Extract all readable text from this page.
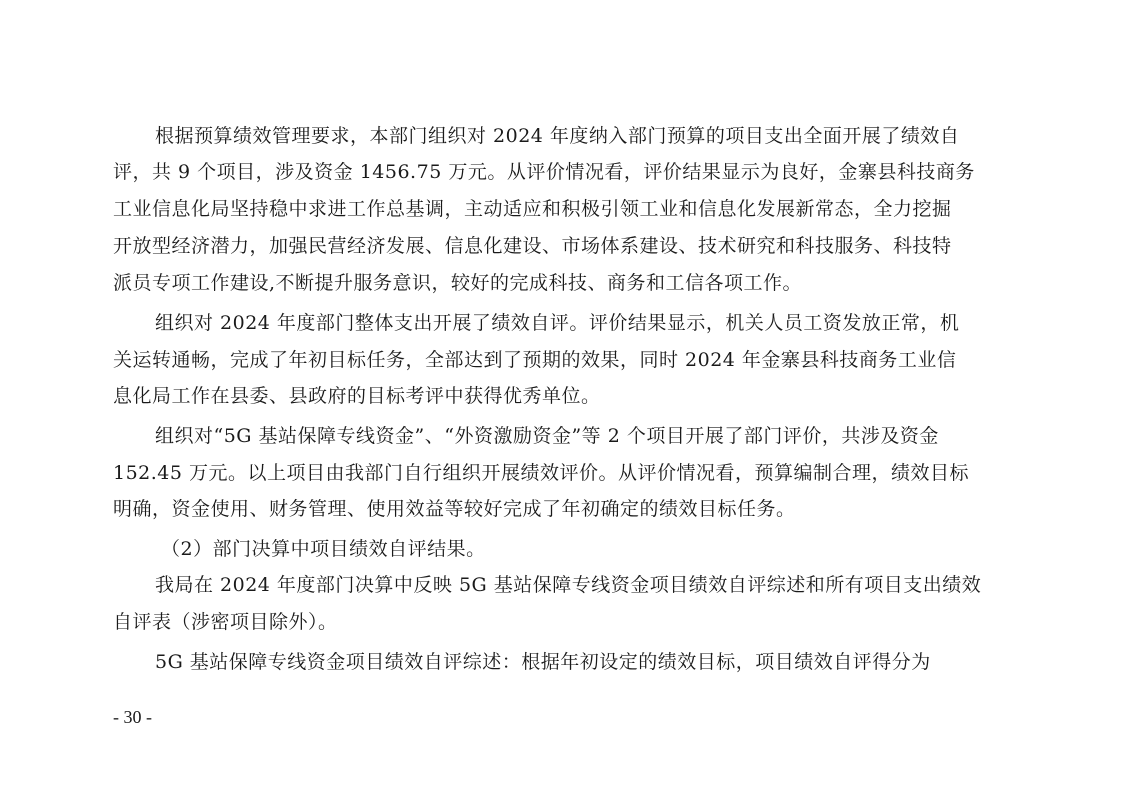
根据预算绩效管理要求，本部门组织对 2024 年度纳入部门预算的项目支出全面开展了绩效自
评，共 9 个项目，涉及资金 1456.75 万元。从评价情况看，评价结果显示为良好，金寨县科技商务
工业信息化局坚持稳中求进工作总基调，主动适应和积极引领工业和信息化发展新常态，全力挖掘
开放型经济潜力，加强民营经济发展、信息化建设、市场体系建设、技术研究和科技服务、科技特
派员专项工作建设,不断提升服务意识，较好的完成科技、商务和工信各项工作。
组织对 2024 年度部门整体支出开展了绩效自评。评价结果显示，机关人员工资发放正常，机
关运转通畅，完成了年初目标任务，全部达到了预期的效果，同时 2024 年金寨县科技商务工业信
息化局工作在县委、县政府的目标考评中获得优秀单位。
组织对“5G 基站保障专线资金”、“外资激励资金”等 2 个项目开展了部门评价，共涉及资金
152.45 万元。以上项目由我部门自行组织开展绩效评价。从评价情况看，预算编制合理，绩效目标
明确，资金使用、财务管理、使用效益等较好完成了年初确定的绩效目标任务。
（2）部门决算中项目绩效自评结果。
我局在 2024 年度部门决算中反映 5G 基站保障专线资金项目绩效自评综述和所有项目支出绩效
自评表（涉密项目除外）。
5G 基站保障专线资金项目绩效自评综述：根据年初设定的绩效目标，项目绩效自评得分为
- 30 -
